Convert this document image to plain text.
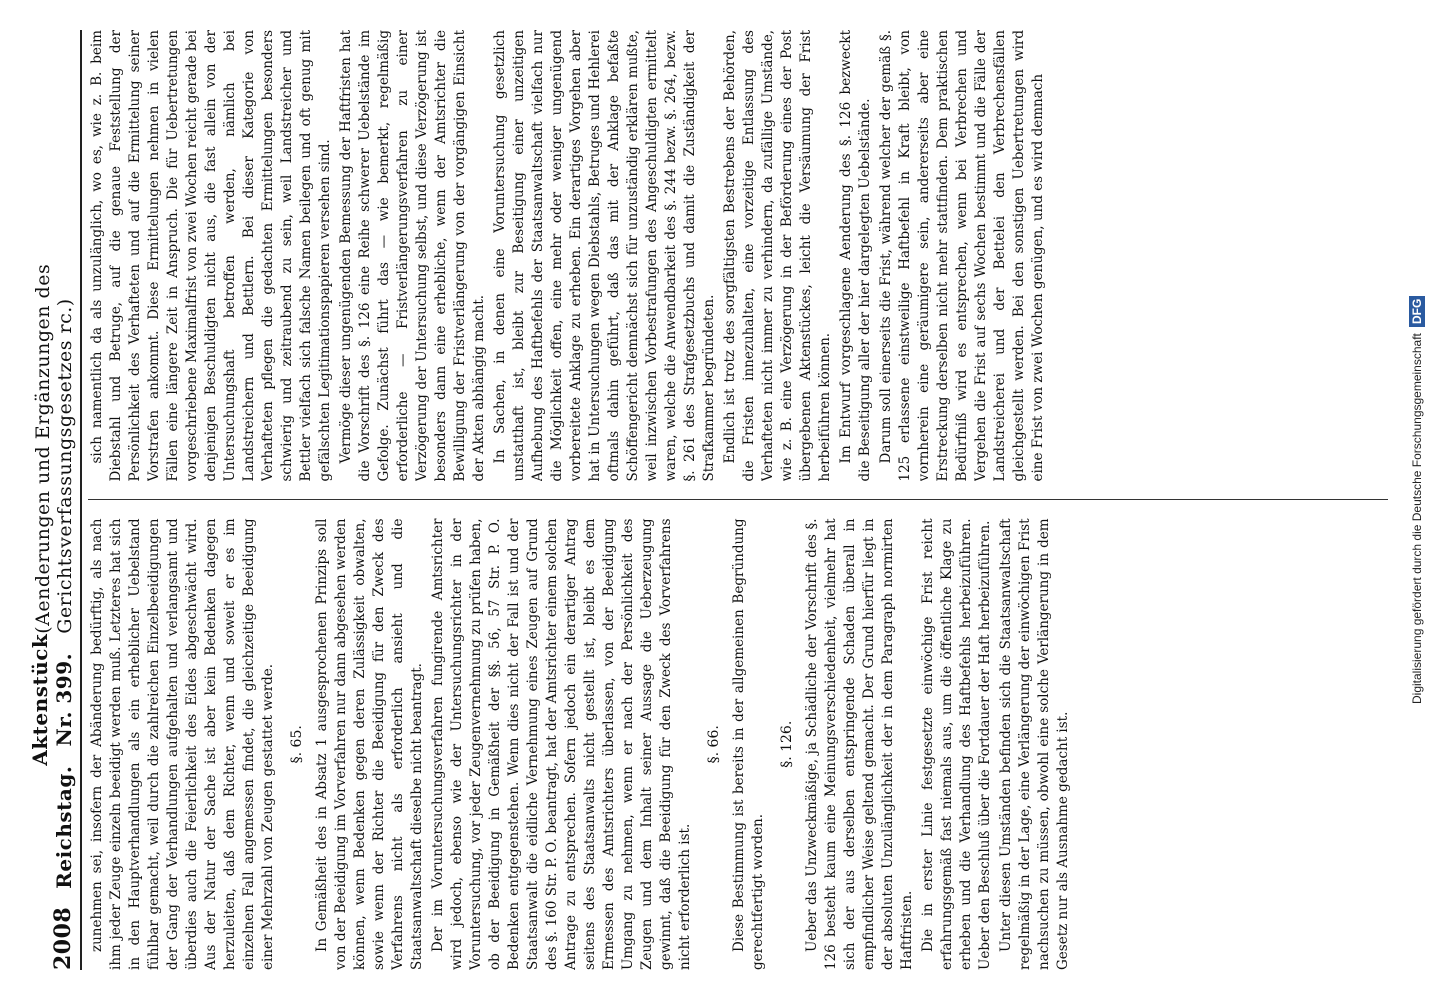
2008
Reichstag.
Aktenstück Nr. 399.
(Aenderungen und Ergänzungen des Gerichtsverfassungsgesetzes rc.)

zunehmen sei, insofern der Abänderung bedürftig, als nach ihm jeder Zeuge einzeln beeidigt werden muß. Letzteres hat sich in den Hauptverhandlungen als ein erheblicher Uebelstand fühlbar gemacht, weil durch die zahlreichen Einzelbeeidigungen der Gang der Verhandlungen aufgehalten und verlangsamt und überdies auch die Feierlichkeit des Eides abgeschwächt wird. Aus der Natur der Sache ist aber kein Bedenken dagegen herzuleiten, daß dem Richter, wenn und soweit er es im einzelnen Fall angemessen findet, die gleichzeitige Beeidigung einer Mehrzahl von Zeugen gestattet werde. §. 65. In Gemäßheit des in Absatz 1 ausgesprochenen Prinzips soll von der Beeidigung im Vorverfahren nur dann abgesehen werden können, wenn Bedenken gegen deren Zulässigkeit obwalten, sowie wenn der Richter die Beeidigung für den Zweck des Verfahrens nicht als erforderlich ansieht und die Staatsanwaltschaft dieselbe nicht beantragt. Der im Voruntersuchungsverfahren fungirende Amtsrichter wird jedoch, ebenso wie der Untersuchungsrichter in der Voruntersuchung, vor jeder Zeugenvernehmung zu prüfen haben, ob der Beeidigung in Gemäßheit der §§. 56, 57 Str. P. O. Bedenken entgegenstehen. Wenn dies nicht der Fall ist und der Staatsanwalt die eidliche Vernehmung eines Zeugen auf Grund des §. 160 Str. P. O. beantragt, hat der Amtsrichter einem solchen Antrage zu entsprechen. Sofern jedoch ein derartiger Antrag seitens des Staatsanwalts nicht gestellt ist, bleibt es dem Ermessen des Amtsrichters überlassen, von der Beeidigung Umgang zu nehmen, wenn er nach der Persönlichkeit des Zeugen und dem Inhalt seiner Aussage die Ueberzeugung gewinnt, daß die Beeidigung für den Zweck des Vorverfahrens nicht erforderlich ist.

§. 66. Diese Bestimmung ist bereits in der allgemeinen Begründung gerechtfertigt worden.

§. 126. Ueber das Unzweckmäßige, ja Schädliche der Vorschrift des §. 126 besteht kaum eine Meinungsverschiedenheit, vielmehr hat sich der aus derselben entspringende Schaden überall in empfindlicher Weise geltend gemacht. Der Grund hierfür liegt in der absoluten Unzulänglichkeit der in dem Paragraph normirten Haftfristen. Die in erster Linie festgesetzte einwöchige Frist reicht erfahrungsgemäß fast niemals aus, um die öffentliche Klage zu erheben und die Verhandlung des Haftbefehls herbeizuführen. Ueber den Beschluß über die Fortdauer der Haft herbeizuführen. Unter diesen Umständen befinden sich die Staatsanwaltschaft regelmäßig in der Lage, eine Verlängerung der einwöchigen Frist nachsuchen zu müssen, obwohl eine solche Verlängerung in dem Gesetz nur als Ausnahme gedacht ist.

sich namentlich da als unzulänglich, wo es, wie z. B. beim Diebstahl und Betruge, auf die genaue Feststellung der Persönlichkeit des Verhafteten und auf die Ermittelung seiner Vorstrafen ankommt. Diese Ermittelungen nehmen in vielen Fällen eine längere Zeit in Anspruch. Die für Uebertretungen vorgeschriebene Maximalfrist von zwei Wochen reicht gerade bei denjenigen Beschuldigten nicht aus, die fast allein von der Untersuchungshaft betroffen werden, nämlich bei Landstreichern und Bettlern. Bei dieser Kategorie von Verhafteten pflegen die gedachten Ermittelungen besonders schwierig und zeitraubend zu sein, weil Landstreicher und Bettler vielfach sich falsche Namen beilegen und oft genug mit gefälschten Legitimationspapieren versehen sind. Vermöge dieser ungenügenden Bemessung der Haftfristen hat die Vorschrift des §. 126 eine Reihe schwerer Uebelstände im Gefolge. Zunächst führt das — wie bemerkt, regelmäßig erforderliche — Fristverlängerungsverfahren zu einer Verzögerung der Untersuchung selbst, und diese Verzögerung ist besonders dann eine erhebliche, wenn der Amtsrichter die Bewilligung der Fristverlängerung von der vorgängigen Einsicht der Akten abhängig macht. In Sachen, in denen eine Voruntersuchung gesetzlich unstatthaft ist, bleibt zur Beseitigung einer unzeitigen Aufhebung des Haftbefehls der Staatsanwaltschaft vielfach nur die Möglichkeit offen, eine mehr oder weniger ungenügend vorbereitete Anklage zu erheben. Ein derartiges Vorgehen aber hat in Untersuchungen wegen Diebstahls, Betruges und Hehlerei oftmals dahin geführt, daß das mit der Anklage befaßte Schöffengericht demnächst sich für unzuständig erklären mußte, weil inzwischen Vorbestrafungen des Angeschuldigten ermittelt waren, welche die Anwendbarkeit des §. 244 bezw. §. 264, bezw. §. 261 des Strafgesetzbuchs und damit die Zuständigkeit der Strafkammer begründeten. Endlich ist trotz des sorgfältigsten Bestrebens der Behörden, die Fristen innezuhalten, eine vorzeitige Entlassung des Verhafteten nicht immer zu verhindern, da zufällige Umstände, wie z. B. eine Verzögerung in der Beförderung eines der Post übergebenen Aktenstückes, leicht die Versäumung der Frist herbeiführen können. Im Entwurf vorgeschlagene Aenderung des §. 126 bezweckt die Beseitigung aller der hier dargelegten Uebelstände. Darum soll einerseits die Frist, während welcher der gemäß §. 125 erlassene einstweilige Haftbefehl in Kraft bleibt, von vornherein eine geräumigere sein, andererseits aber eine Erstreckung derselben nicht mehr stattfinden. Dem praktischen Bedürfniß wird es entsprechen, wenn bei Verbrechen und Vergehen die Frist auf sechs Wochen bestimmt und die Fälle der Landstreicherei und der Bettelei den Verbrechensfällen gleichgestellt werden. Bei den sonstigen Uebertretungen wird eine Frist von zwei Wochen genügen, und es wird demnach

Digitalisierung gefördert durch die Deutsche Forschungsgemeinschaft
DFG
